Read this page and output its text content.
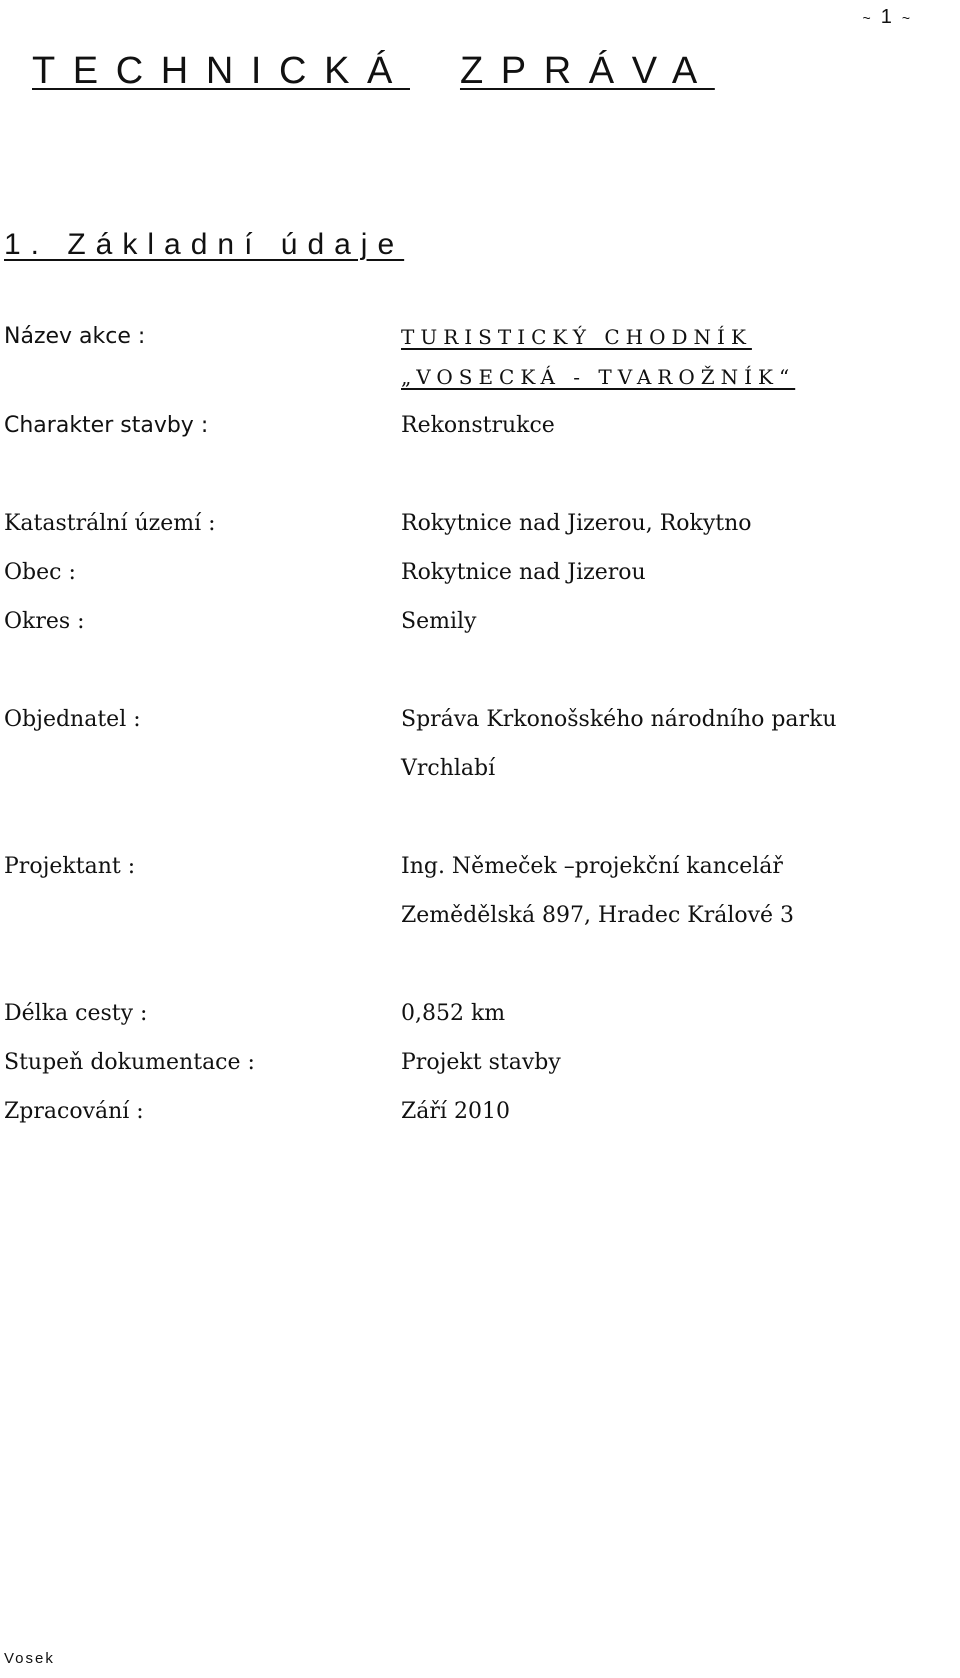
~ 1 ~
TECHNICKÁ ZPRÁVA
1. Základní údaje
Název akce :	TURISTICKÝ CHODNÍK
„VOSECKÁ - TVAROŽNÍK“
Charakter stavby :	Rekonstrukce
Katastrální území :	Rokytnice nad Jizerou, Rokytno
Obec :	Rokytnice nad Jizerou
Okres :	Semily
Objednatel :	Správa Krkonošského národního parku
Vrchlabí
Projektant :	Ing. Němeček –projekční kancelář
Zemědělská 897, Hradec Králové 3
Délka cesty :	0,852 km
Stupeň dokumentace :	Projekt stavby
Zpracování :	Září 2010
Vosek
